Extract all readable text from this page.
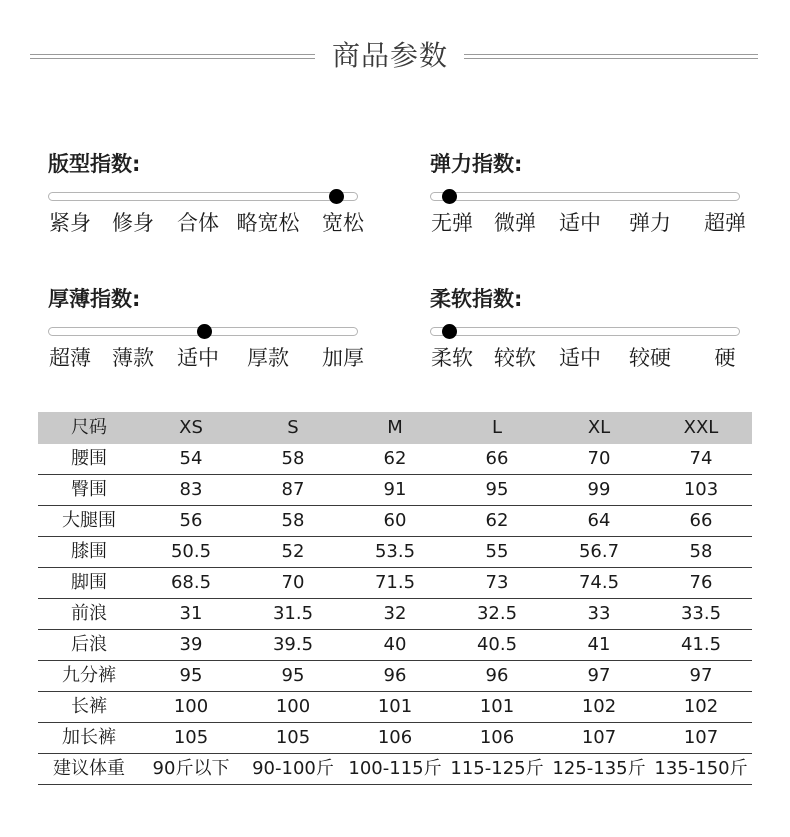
商品参数
版型指数:
紧身 修身 合体 略宽松 宽松
弹力指数:
无弹 微弹 适中 弹力 超弹
厚薄指数:
超薄 薄款 适中 厚款 加厚
柔软指数:
柔软 较软 适中 较硬 硬
尺码	XS	S	M	L	XL	XXL
腰围	54	58	62	66	70	74
臀围	83	87	91	95	99	103
大腿围	56	58	60	62	64	66
膝围	50.5	52	53.5	55	56.7	58
脚围	68.5	70	71.5	73	74.5	76
前浪	31	31.5	32	32.5	33	33.5
后浪	39	39.5	40	40.5	41	41.5
九分裤	95	95	96	96	97	97
长裤	100	100	101	101	102	102
加长裤	105	105	106	106	107	107
建议体重	90斤以下	90-100斤	100-115斤	115-125斤	125-135斤	135-150斤
